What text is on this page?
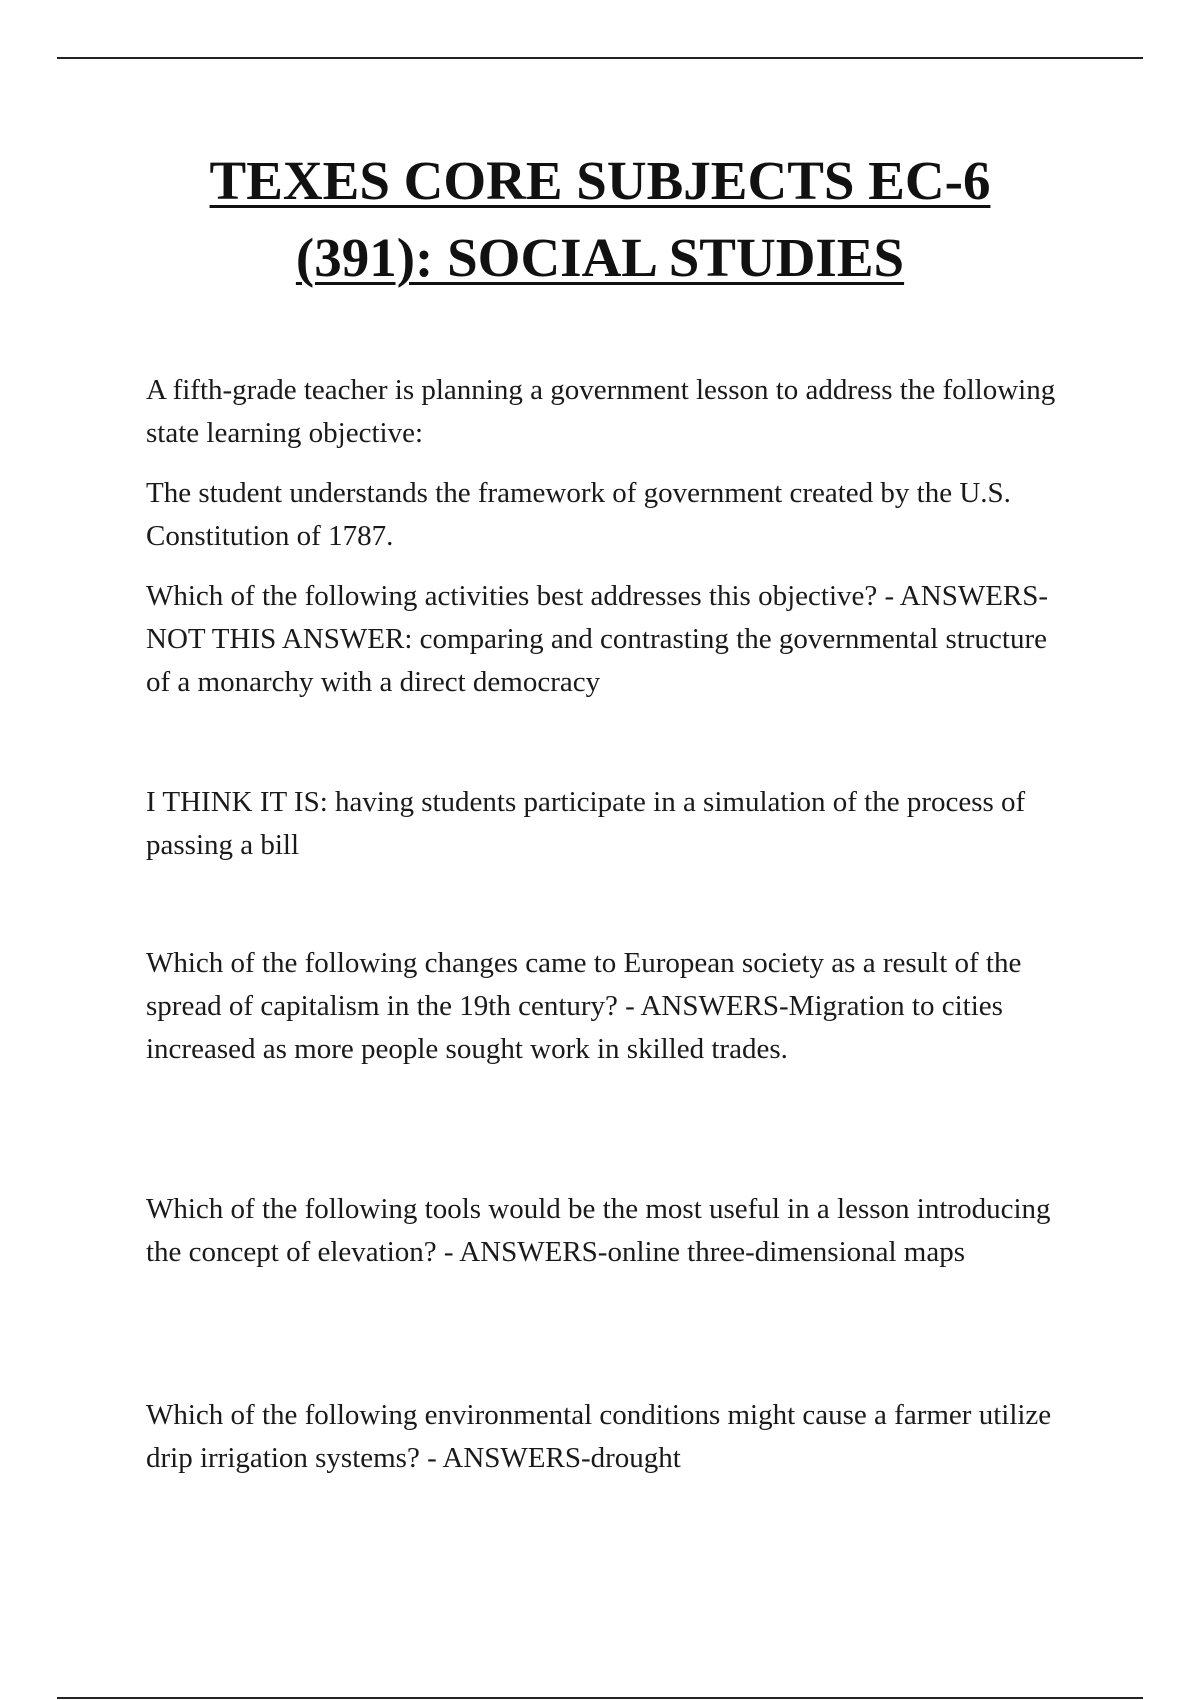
TEXES CORE SUBJECTS EC-6
(391): SOCIAL STUDIES

A fifth-grade teacher is planning a government lesson to address the following state learning objective:

The student understands the framework of government created by the U.S. Constitution of 1787.

Which of the following activities best addresses this objective? - ANSWERS-NOT THIS ANSWER: comparing and contrasting the governmental structure of a monarchy with a direct democracy

I THINK IT IS: having students participate in a simulation of the process of passing a bill

Which of the following changes came to European society as a result of the spread of capitalism in the 19th century? - ANSWERS-Migration to cities increased as more people sought work in skilled trades.

Which of the following tools would be the most useful in a lesson introducing the concept of elevation? - ANSWERS-online three-dimensional maps

Which of the following environmental conditions might cause a farmer utilize drip irrigation systems? - ANSWERS-drought
